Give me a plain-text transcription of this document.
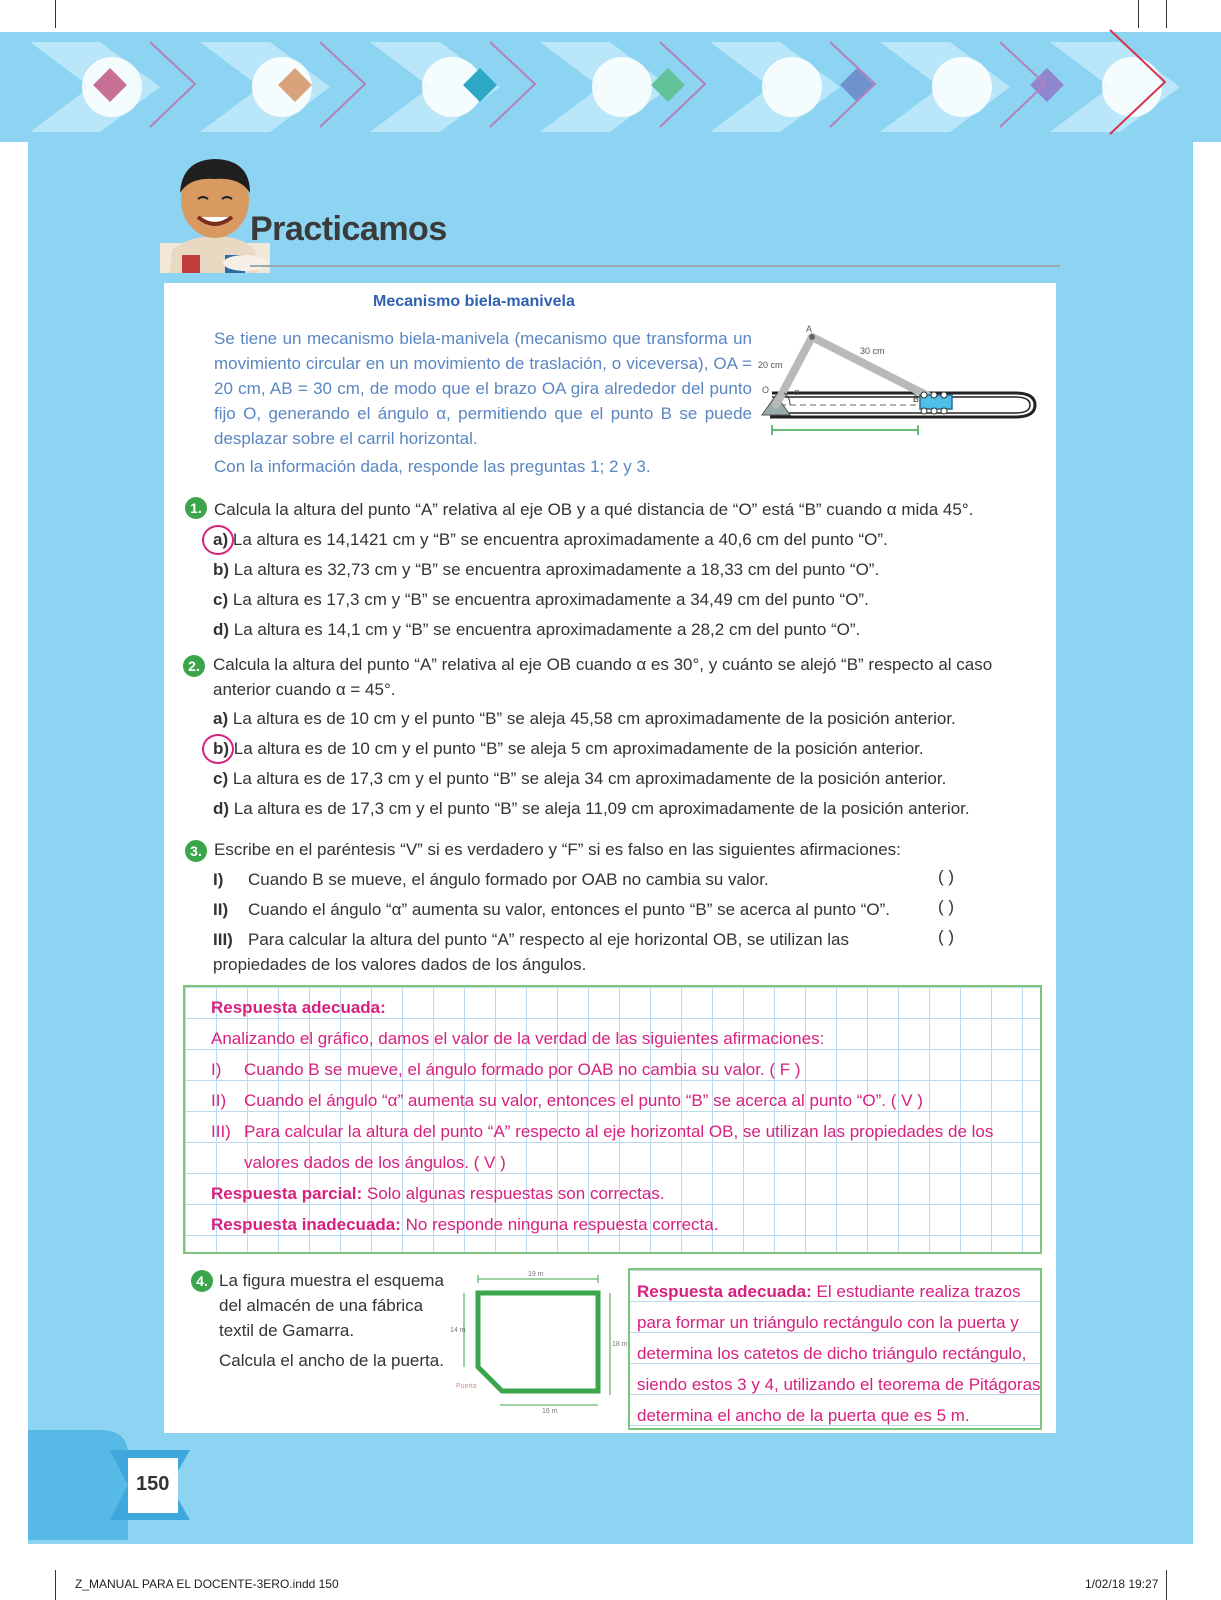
Practicamos
Mecanismo biela-manivela
Se tiene un mecanismo biela-manivela (mecanismo que transforma un movimiento circular en un movimiento de traslación, o viceversa), OA = 20 cm, AB = 30 cm, de modo que el brazo OA gira alrededor del punto fijo O, generando el ángulo α, permitiendo que el punto B se puede desplazar sobre el carril horizontal.
Con la información dada, responde las preguntas 1; 2 y 3.
A
B
O	α
20 cm
30 cm
1. Calcula la altura del punto “A” relativa al eje OB y a qué distancia de “O” está “B” cuando α mida 45°.
a) La altura es 14,1421 cm y “B” se encuentra aproximadamente a 40,6 cm del punto “O”.
b) La altura es 32,73 cm y “B” se encuentra aproximadamente a 18,33 cm del punto “O”.
c) La altura es 17,3 cm y “B” se encuentra aproximadamente a 34,49 cm del punto “O”.
d) La altura es 14,1 cm y “B” se encuentra aproximadamente a 28,2 cm del punto “O”.
2. Calcula la altura del punto “A” relativa al eje OB cuando α es 30°, y cuánto se alejó “B” respecto al caso anterior cuando α = 45°.
a) La altura es de 10 cm y el punto “B” se aleja 45,58 cm aproximadamente de la posición anterior.
b) La altura es de 10 cm y el punto “B” se aleja 5 cm aproximadamente de la posición anterior.
c) La altura es de 17,3 cm y el punto “B” se aleja 34 cm aproximadamente de la posición anterior.
d) La altura es de 17,3 cm y el punto “B” se aleja 11,09 cm aproximadamente de la posición anterior.
3. Escribe en el paréntesis “V” si es verdadero y “F” si es falso en las siguientes afirmaciones:
I) Cuando B se mueve, el ángulo formado por OAB no cambia su valor.	( )
II) Cuando el ángulo “α” aumenta su valor, entonces el punto “B” se acerca al punto “O”.	( )
III) Para calcular la altura del punto “A” respecto al eje horizontal OB, se utilizan las
propiedades de los valores dados de los ángulos.
( )
Respuesta adecuada:
Analizando el gráfico, damos el valor de la verdad de las siguientes afirmaciones:
I) Cuando B se mueve, el ángulo formado por OAB no cambia su valor. ( F )
II) Cuando el ángulo “α” aumenta su valor, entonces el punto “B” se acerca al punto “O”. ( V )
III) Para calcular la altura del punto “A” respecto al eje horizontal OB, se utilizan las propiedades de los
valores dados de los ángulos. ( V )
Respuesta parcial: Solo algunas respuestas son correctas.
Respuesta inadecuada: No responde ninguna respuesta correcta.
4. La figura muestra el esquema
del almacén de una fábrica
textil de Gamarra.
Calcula el ancho de la puerta.
19 m
14 m
18 m
16 m
Puerta
Respuesta adecuada: El estudiante realiza trazos
para formar un triángulo rectángulo con la puerta y
determina los catetos de dicho triángulo rectángulo,
siendo estos 3 y 4, utilizando el teorema de Pitágoras
determina el ancho de la puerta que es 5 m.
150
Z_MANUAL PARA EL DOCENTE-3ERO.indd 150	1/02/18 19:27
